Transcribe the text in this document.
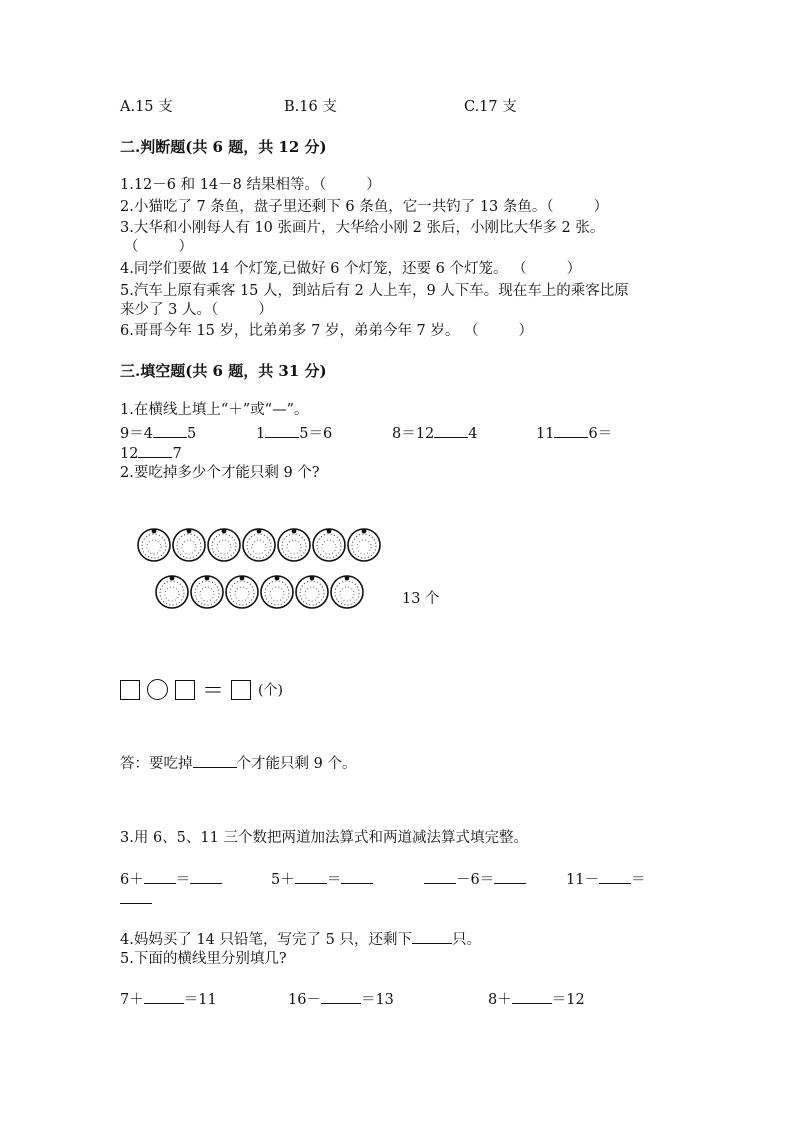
A.15 支	B.16 支	C.17 支
二.判断题(共 6 题，共 12 分)
1.12－6 和 14－8 结果相等。（	）
2.小猫吃了 7 条鱼，盘子里还剩下 6 条鱼，它一共钓了 13 条鱼。（	）
3.大华和小刚每人有 10 张画片，大华给小刚 2 张后，小刚比大华多 2 张。
（	）
4.同学们要做 14 个灯笼,已做好 6 个灯笼，还要 6 个灯笼。 （	）
5.汽车上原有乘客 15 人，到站后有 2 人上车，9 人下车。现在车上的乘客比原
来少了 3 人。（	）
6.哥哥今年 15 岁，比弟弟多 7 岁，弟弟今年 7 岁。 （	）
三.填空题(共 6 题，共 31 分)
1.在横线上填上“＋”或“—”。
9＝4 5	1 5＝6	8＝12 4	11 6＝
12 7
2.要吃掉多少个才能只剩 9 个?
13 个
＝ (个)
答：要吃掉	个才能只剩 9 个。
3.用 6、5、11 三个数把两道加法算式和两道减法算式填完整。
6＋ ＝	5＋ ＝	－6＝	11－ ＝
4.妈妈买了 14 只铅笔，写完了 5 只，还剩下	只。
5.下面的横线里分别填几?
7＋	＝11	16－	＝13	8＋	＝12
